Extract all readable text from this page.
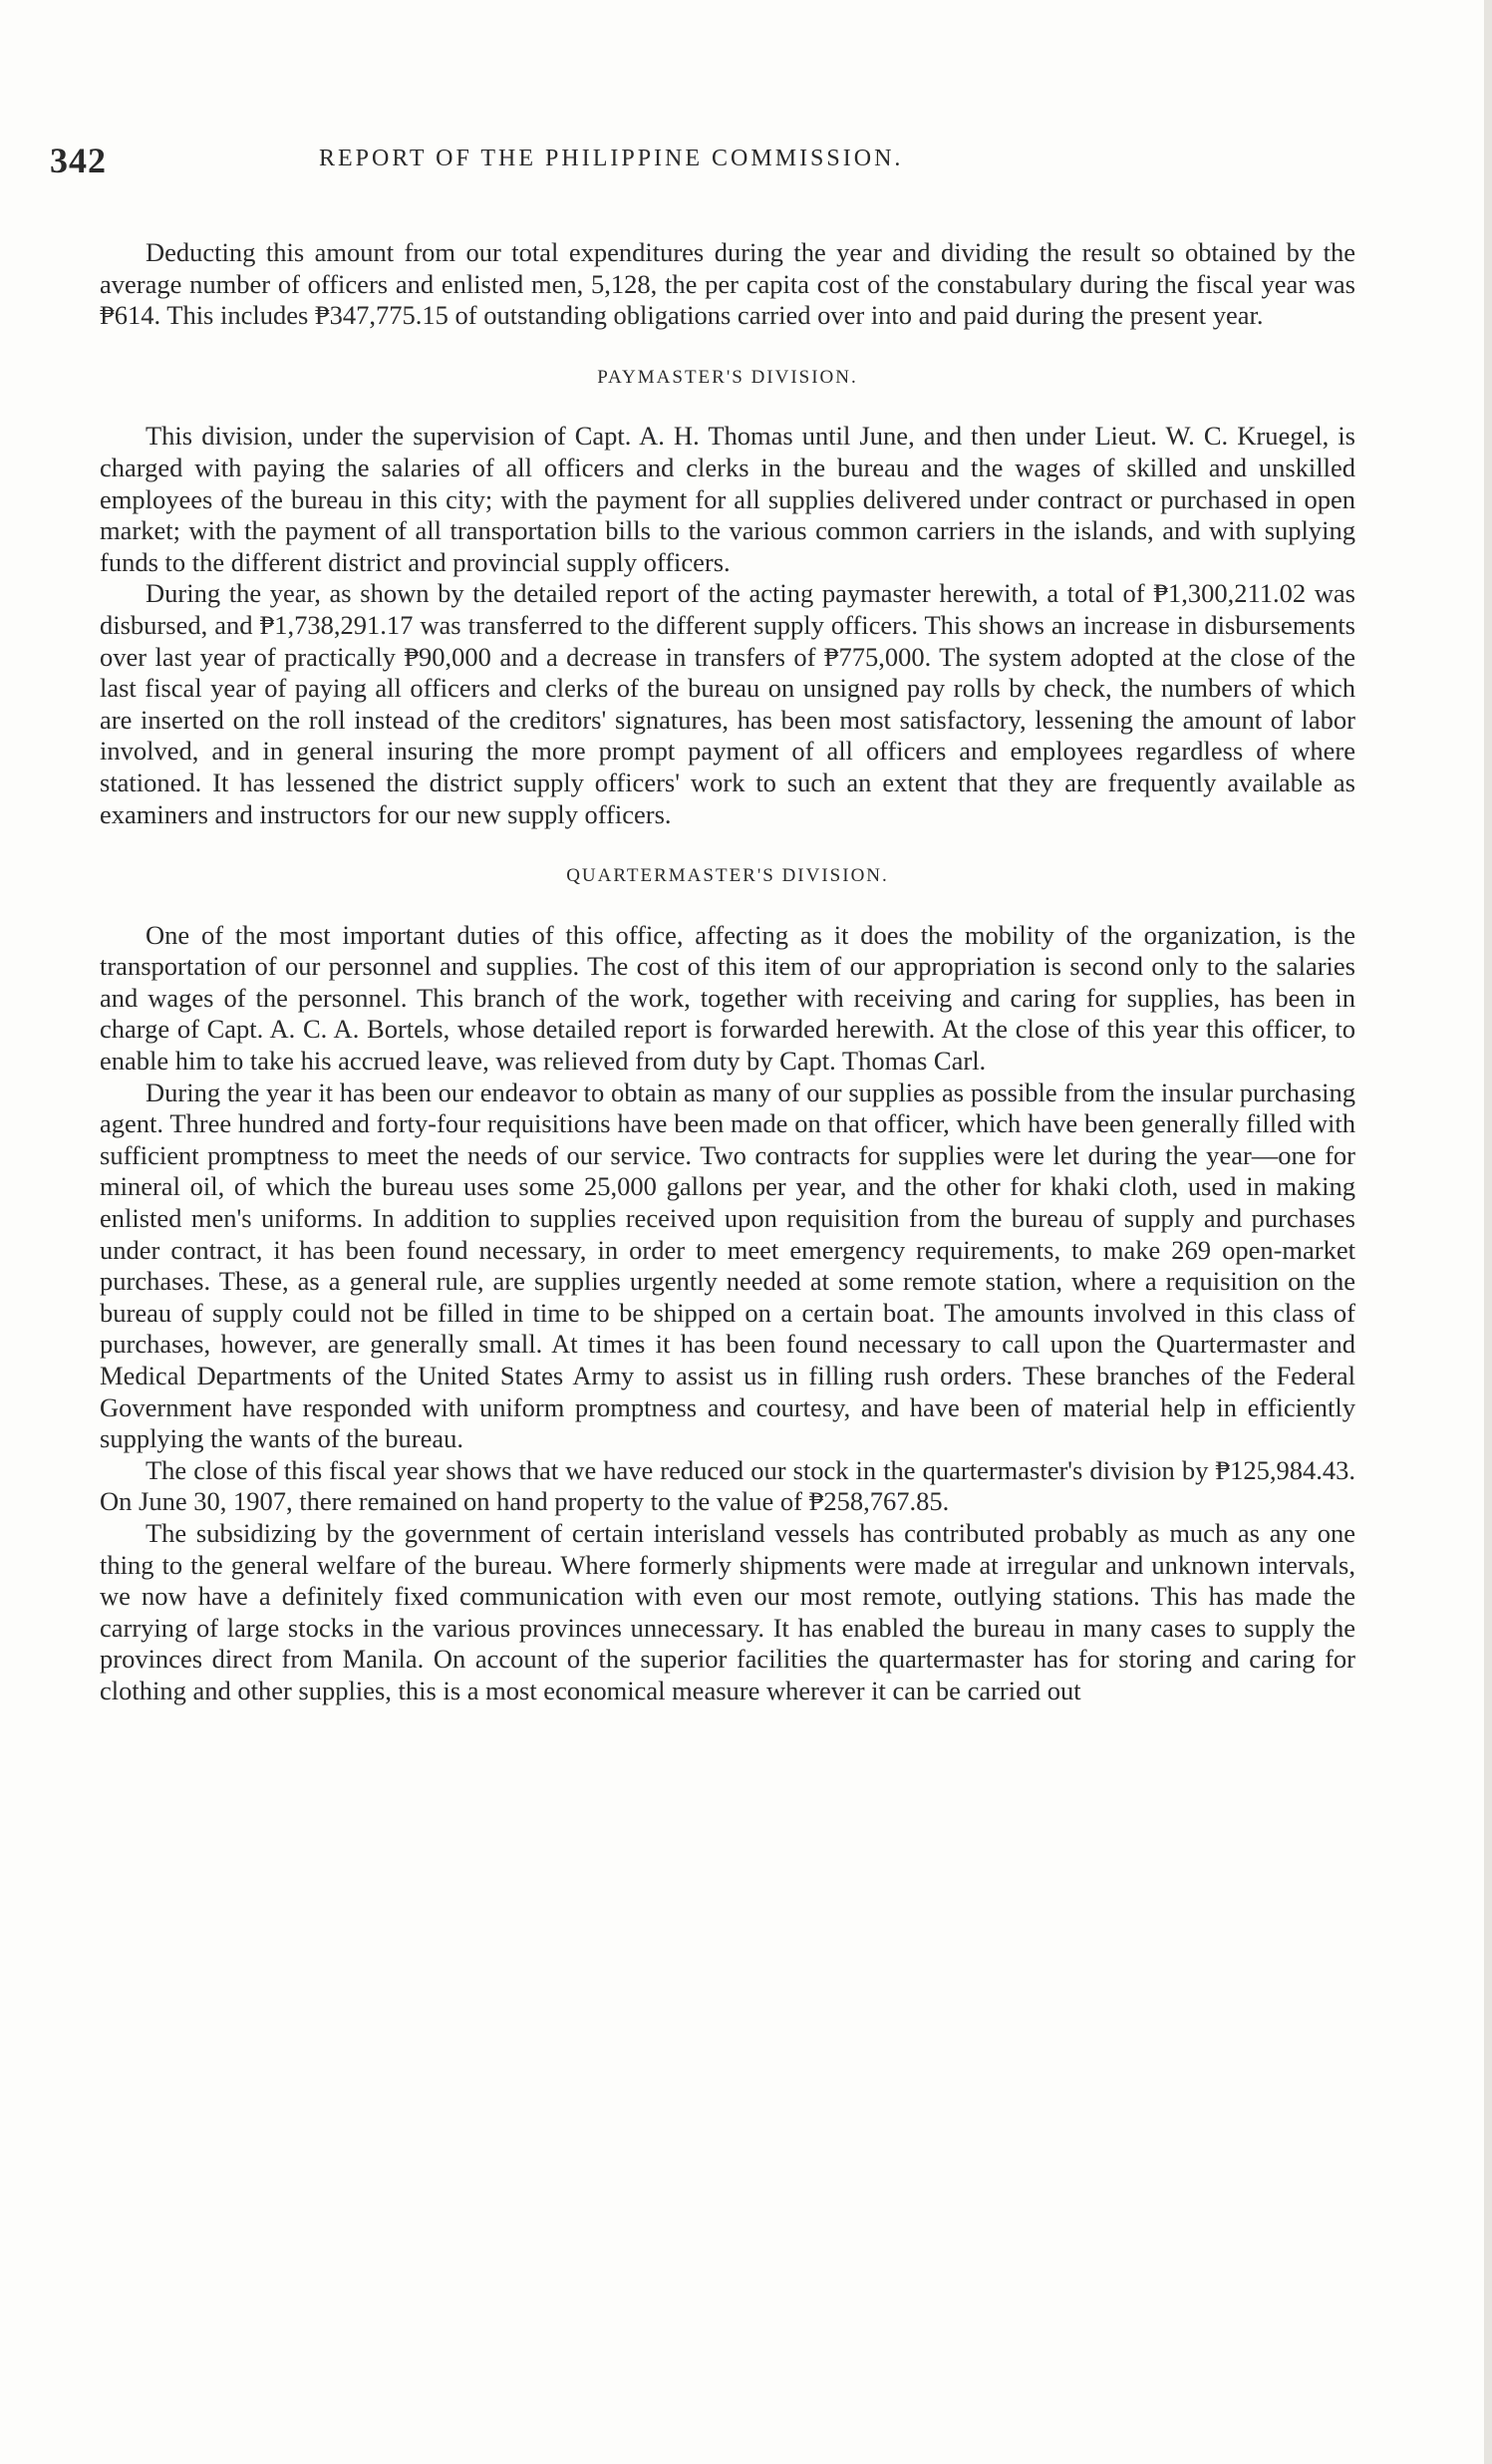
342	REPORT OF THE PHILIPPINE COMMISSION.

Deducting this amount from our total expenditures during the year and dividing the result so obtained by the average number of officers and enlisted men, 5,128, the per capita cost of the constabulary during the fiscal year was ₱614. This includes ₱347,775.15 of outstanding obligations carried over into and paid during the present year.

PAYMASTER'S DIVISION.

This division, under the supervision of Capt. A. H. Thomas until June, and then under Lieut. W. C. Kruegel, is charged with paying the salaries of all officers and clerks in the bureau and the wages of skilled and unskilled employees of the bureau in this city; with the payment for all supplies delivered under contract or purchased in open market; with the payment of all transportation bills to the various common carriers in the islands, and with suplying funds to the different district and provincial supply officers.

During the year, as shown by the detailed report of the acting paymaster herewith, a total of ₱1,300,211.02 was disbursed, and ₱1,738,291.17 was transferred to the different supply officers. This shows an increase in disbursements over last year of practically ₱90,000 and a decrease in transfers of ₱775,000. The system adopted at the close of the last fiscal year of paying all officers and clerks of the bureau on unsigned pay rolls by check, the numbers of which are inserted on the roll instead of the creditors' signatures, has been most satisfactory, lessening the amount of labor involved, and in general insuring the more prompt payment of all officers and employees regardless of where stationed. It has lessened the district supply officers' work to such an extent that they are frequently available as examiners and instructors for our new supply officers.

QUARTERMASTER'S DIVISION.

One of the most important duties of this office, affecting as it does the mobility of the organization, is the transportation of our personnel and supplies. The cost of this item of our appropriation is second only to the salaries and wages of the personnel. This branch of the work, together with receiving and caring for supplies, has been in charge of Capt. A. C. A. Bortels, whose detailed report is forwarded herewith. At the close of this year this officer, to enable him to take his accrued leave, was relieved from duty by Capt. Thomas Carl.

During the year it has been our endeavor to obtain as many of our supplies as possible from the insular purchasing agent. Three hundred and forty-four requisitions have been made on that officer, which have been generally filled with sufficient promptness to meet the needs of our service. Two contracts for supplies were let during the year—one for mineral oil, of which the bureau uses some 25,000 gallons per year, and the other for khaki cloth, used in making enlisted men's uniforms. In addition to supplies received upon requisition from the bureau of supply and purchases under contract, it has been found necessary, in order to meet emergency requirements, to make 269 open-market purchases. These, as a general rule, are supplies urgently needed at some remote station, where a requisition on the bureau of supply could not be filled in time to be shipped on a certain boat. The amounts involved in this class of purchases, however, are generally small. At times it has been found necessary to call upon the Quartermaster and Medical Departments of the United States Army to assist us in filling rush orders. These branches of the Federal Government have responded with uniform promptness and courtesy, and have been of material help in efficiently supplying the wants of the bureau.

The close of this fiscal year shows that we have reduced our stock in the quartermaster's division by ₱125,984.43. On June 30, 1907, there remained on hand property to the value of ₱258,767.85.

The subsidizing by the government of certain interisland vessels has contributed probably as much as any one thing to the general welfare of the bureau. Where formerly shipments were made at irregular and unknown intervals, we now have a definitely fixed communication with even our most remote, outlying stations. This has made the carrying of large stocks in the various provinces unnecessary. It has enabled the bureau in many cases to supply the provinces direct from Manila. On account of the superior facilities the quartermaster has for storing and caring for clothing and other supplies, this is a most economical measure wherever it can be carried out
